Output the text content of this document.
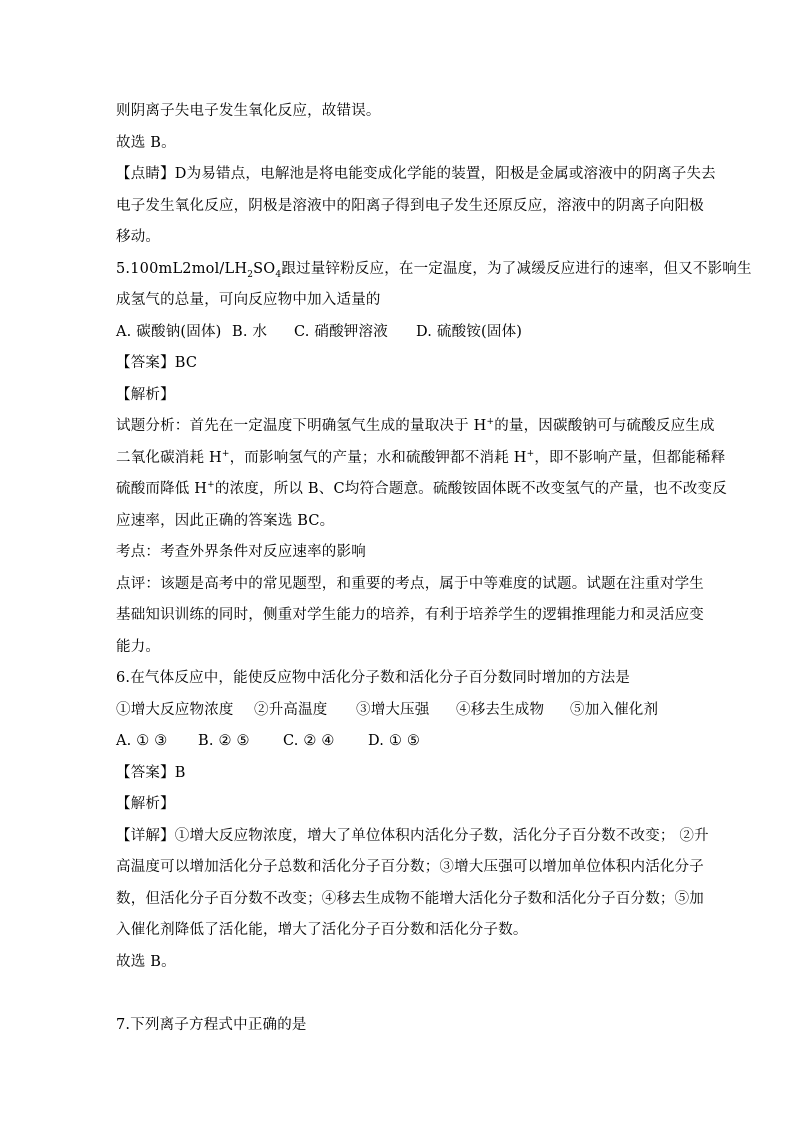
则阴离子失电子发生氧化反应，故错误。
故选 B。
【点睛】D为易错点，电解池是将电能变成化学能的装置，阳极是金属或溶液中的阴离子失去
电子发生氧化反应，阴极是溶液中的阳离子得到电子发生还原反应，溶液中的阴离子向阳极
移动。
$5.100mL2mol/LH_2SO_4$跟过量锌粉反应，在一定温度，为了减缓反应进行的速率，但又不影响生
成氢气的总量，可向反应物中加入适量的
A. 碳酸钠(固体) B. 水 C. 硝酸钾溶液 D. 硫酸铵(固体)
【答案】BC
【解析】
试题分析：首先在一定温度下明确氢气生成的量取决于 H+的量，因碳酸钠可与硫酸反应生成
二氧化碳消耗 H+，而影响氢气的产量；水和硫酸钾都不消耗 H+，即不影响产量，但都能稀释
硫酸而降低 H+的浓度，所以 B、C均符合题意。硫酸铵固体既不改变氢气的产量，也不改变反
应速率，因此正确的答案选 BC。
考点：考查外界条件对反应速率的影响
点评：该题是高考中的常见题型，和重要的考点，属于中等难度的试题。试题在注重对学生
基础知识训练的同时，侧重对学生能力的培养，有利于培养学生的逻辑推理能力和灵活应变
能力。
6.在气体反应中，能使反应物中活化分子数和活化分子百分数同时增加的方法是
①增大反应物浓度 ②升高温度 ③增大压强 ④移去生成物 ⑤加入催化剂
A. ① ③ B. ② ⑤ C. ② ④ D. ① ⑤
【答案】B
【解析】
【详解】①增大反应物浓度，增大了单位体积内活化分子数，活化分子百分数不改变； ②升
高温度可以增加活化分子总数和活化分子百分数；③增大压强可以增加单位体积内活化分子
数，但活化分子百分数不改变；④移去生成物不能增大活化分子数和活化分子百分数；⑤加
入催化剂降低了活化能，增大了活化分子百分数和活化分子数。
故选 B。
7.下列离子方程式中正确的是
